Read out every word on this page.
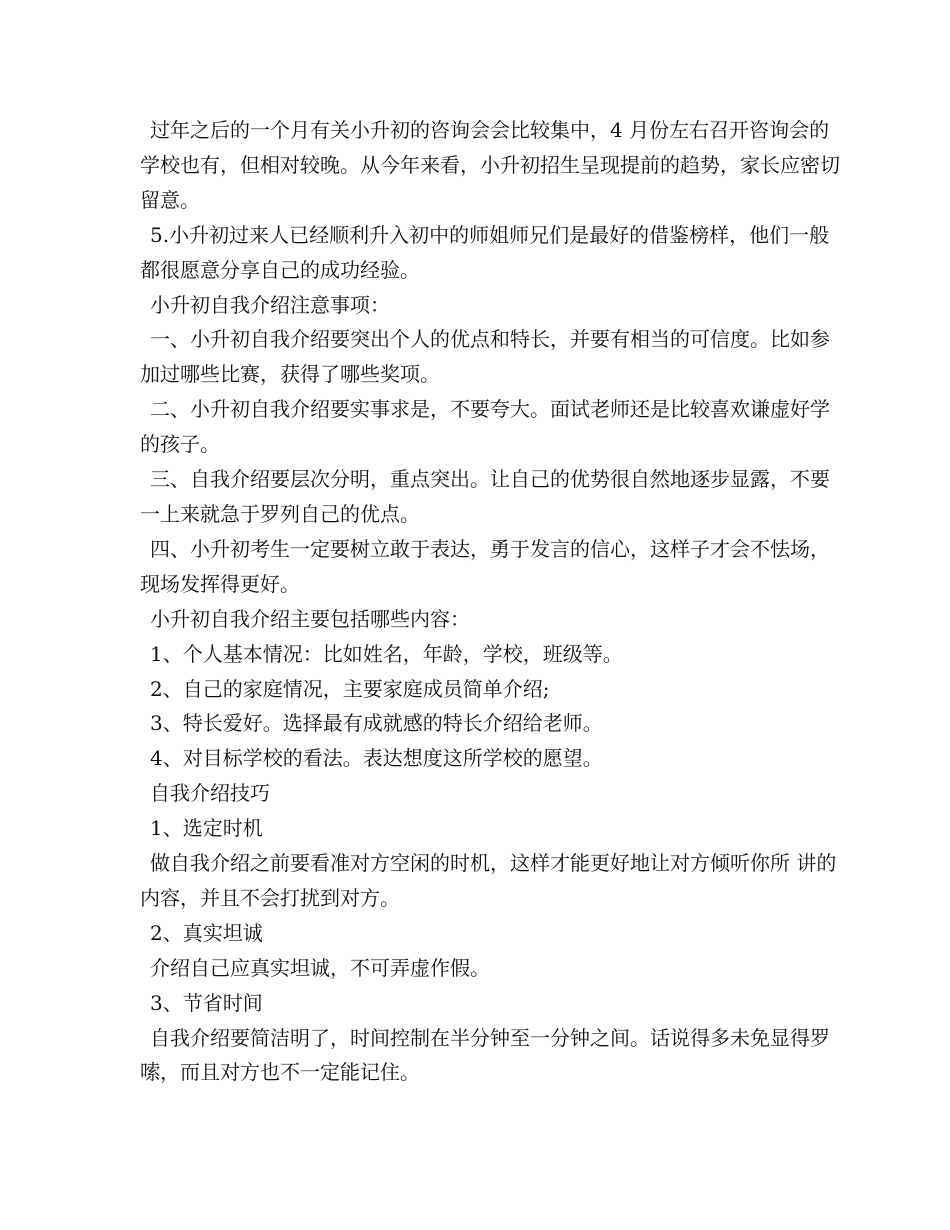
过年之后的一个月有关小升初的咨询会会比较集中，4 月份左右召开咨询会的学校也有，但相对较晚。从今年来看，小升初招生呈现提前的趋势，家长应密切留意。

5.小升初过来人已经顺利升入初中的师姐师兄们是最好的借鉴榜样，他们一般都很愿意分享自己的成功经验。

小升初自我介绍注意事项：

一、小升初自我介绍要突出个人的优点和特长，并要有相当的可信度。比如参加过哪些比赛，获得了哪些奖项。

二、小升初自我介绍要实事求是，不要夸大。面试老师还是比较喜欢谦虚好学的孩子。

三、自我介绍要层次分明，重点突出。让自己的优势很自然地逐步显露，不要一上来就急于罗列自己的优点。

四、小升初考生一定要树立敢于表达，勇于发言的信心，这样子才会不怯场，现场发挥得更好。

小升初自我介绍主要包括哪些内容：

1、个人基本情况：比如姓名，年龄，学校，班级等。

2、自己的家庭情况，主要家庭成员简单介绍;

3、特长爱好。选择最有成就感的特长介绍给老师。

4、对目标学校的看法。表达想度这所学校的愿望。

自我介绍技巧

1、选定时机

做自我介绍之前要看准对方空闲的时机，这样才能更好地让对方倾听你所 讲的内容，并且不会打扰到对方。

2、真实坦诚

介绍自己应真实坦诚，不可弄虚作假。

3、节省时间

自我介绍要简洁明了，时间控制在半分钟至一分钟之间。话说得多未免显得罗嗦，而且对方也不一定能记住。
